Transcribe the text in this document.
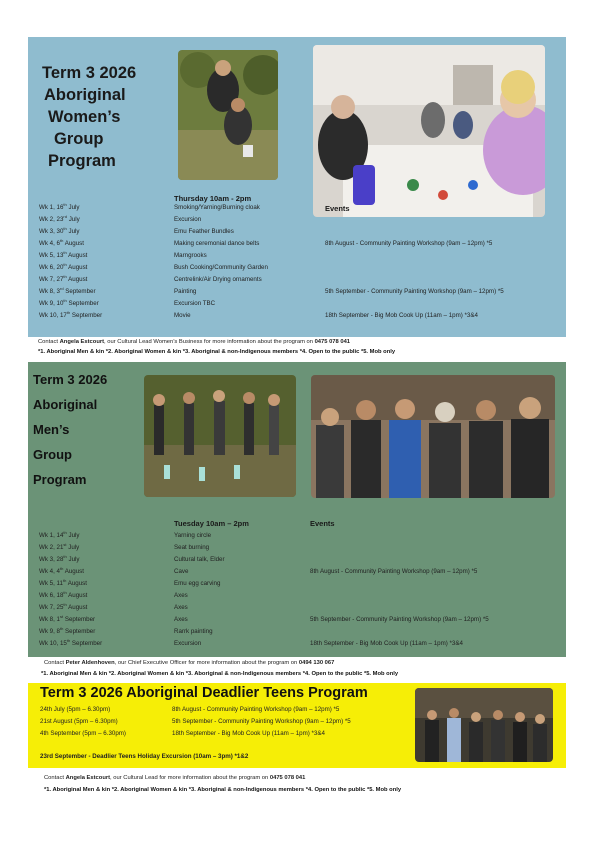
Term 3 2026
Aboriginal
Women’s
Group
Program
Thursday 10am - 2pm
Events
Wk 1, 16th July	Smoking/Yarning/Burning cloak
Wk 2, 23rd July	Excursion
Wk 3, 30th July	Emu Feather Bundles
Wk 4, 6th August	Making ceremonial dance belts	8th August - Community Painting Workshop (9am – 12pm) *5
Wk 5, 13th August	Marngrooks
Wk 6, 20th August	Bush Cooking/Community Garden
Wk 7, 27th August	Centrelink/Air Drying ornaments
Wk 8, 3rd September	Painting	5th September - Community Painting Workshop (9am – 12pm) *5
Wk 9, 10th September	Excursion TBC
Wk 10, 17th September	Movie	18th September - Big Mob Cook Up (11am – 1pm) *3&4
Contact Angela Estcourt, our Cultural Lead Women’s Business for more information about the program on 0475 078 041
*1. Aboriginal Men & kin *2. Aboriginal Women & kin *3. Aboriginal & non-Indigenous members *4. Open to the public *5. Mob only
Term 3 2026
Aboriginal
Men’s
Group
Program
Tuesday 10am – 2pm	Events
Wk 1, 14th July	Yarning circle
Wk 2, 21st July	Seat burning
Wk 3, 28th July	Cultural talk, Elder
Wk 4, 4th August	Cave	8th August - Community Painting Workshop (9am – 12pm) *5
Wk 5, 11th August	Emu egg carving
Wk 6, 18th August	Axes
Wk 7, 25th August	Axes
Wk 8, 1st September	Axes	5th September - Community Painting Workshop (9am – 12pm) *5
Wk 9, 8th September	Rarrk painting
Wk 10, 15th September	Excursion	18th September - Big Mob Cook Up (11am – 1pm) *3&4
Contact Peter Aldenhoven, our Chief Executive Officer for more information about the program on 0494 130 067
*1. Aboriginal Men & kin *2. Aboriginal Women & kin *3. Aboriginal & non-Indigenous members *4. Open to the public *5. Mob only
Term 3 2026 Aboriginal Deadlier Teens Program
24th July (5pm – 6.30pm)	8th August - Community Painting Workshop (9am – 12pm) *5
21st August (5pm – 6.30pm)	5th September - Community Painting Workshop (9am – 12pm) *5
4th September (5pm – 6.30pm)	18th September - Big Mob Cook Up (11am – 1pm) *3&4
23rd September - Deadlier Teens Holiday Excursion (10am – 3pm) *1&2
Contact Angela Estcourt, our Cultural Lead for more information about the program on 0475 078 041
*1. Aboriginal Men & kin *2. Aboriginal Women & kin *3. Aboriginal & non-Indigenous members *4. Open to the public *5. Mob only
